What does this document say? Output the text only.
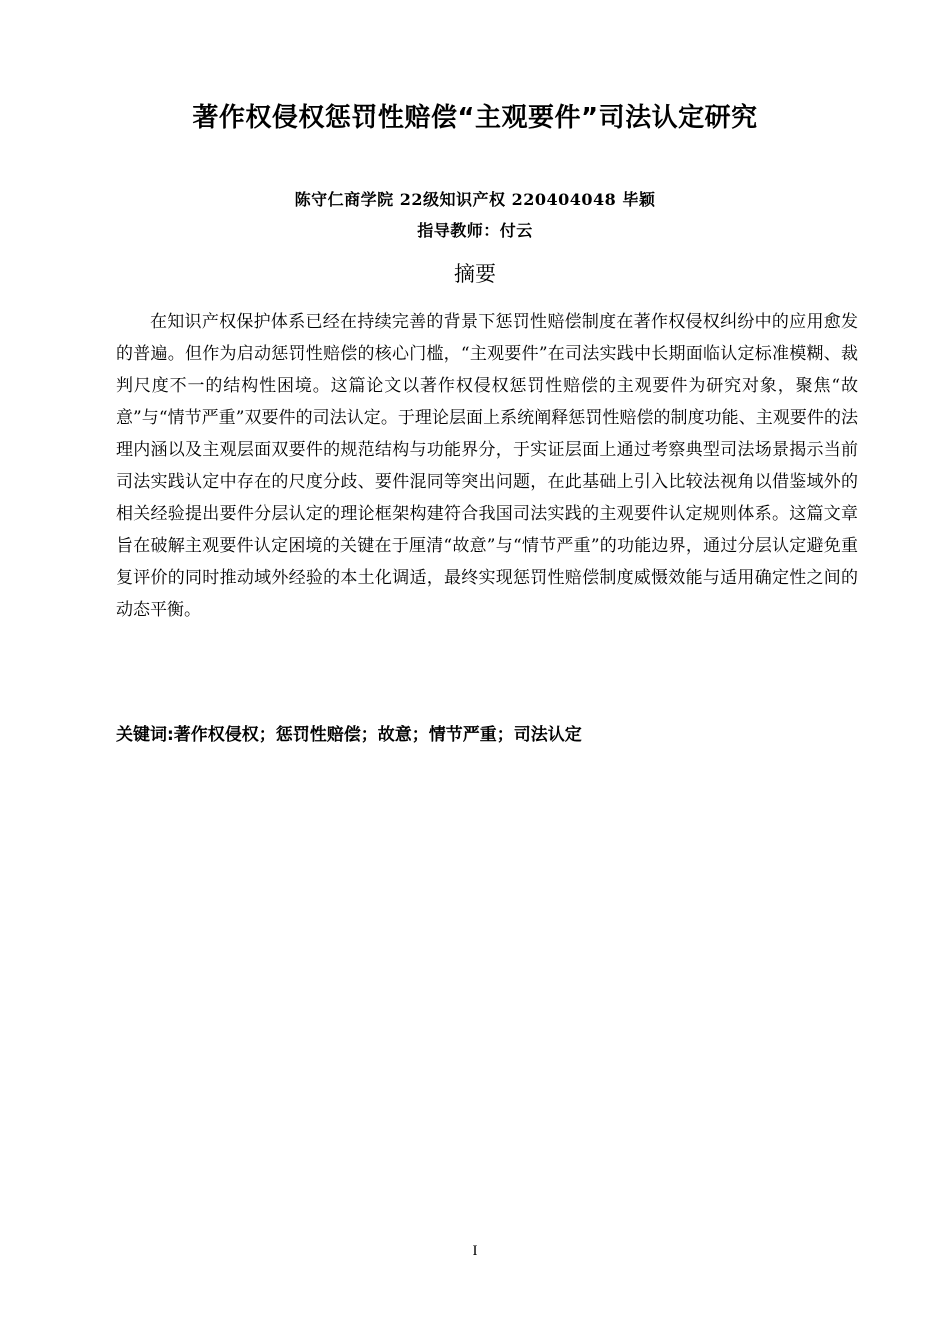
著作权侵权惩罚性赔偿“主观要件”司法认定研究
陈守仁商学院 22级知识产权 220404048 毕颖
指导教师：付云
摘要

在知识产权保护体系已经在持续完善的背景下惩罚性赔偿制度在著作权侵权纠纷中的应用愈发的普遍。但作为启动惩罚性赔偿的核心门槛，“主观要件”在司法实践中长期面临认定标准模糊、裁判尺度不一的结构性困境。这篇论文以著作权侵权惩罚性赔偿的主观要件为研究对象，聚焦“故意”与“情节严重”双要件的司法认定。于理论层面上系统阐释惩罚性赔偿的制度功能、主观要件的法理内涵以及主观层面双要件的规范结构与功能界分，于实证层面上通过考察典型司法场景揭示当前司法实践认定中存在的尺度分歧、要件混同等突出问题，在此基础上引入比较法视角以借鉴域外的相关经验提出要件分层认定的理论框架构建符合我国司法实践的主观要件认定规则体系。这篇文章旨在破解主观要件认定困境的关键在于厘清“故意”与“情节严重”的功能边界，通过分层认定避免重复评价的同时推动域外经验的本土化调适，最终实现惩罚性赔偿制度威慑效能与适用确定性之间的动态平衡。

关键词:著作权侵权；惩罚性赔偿；故意；情节严重；司法认定
I
